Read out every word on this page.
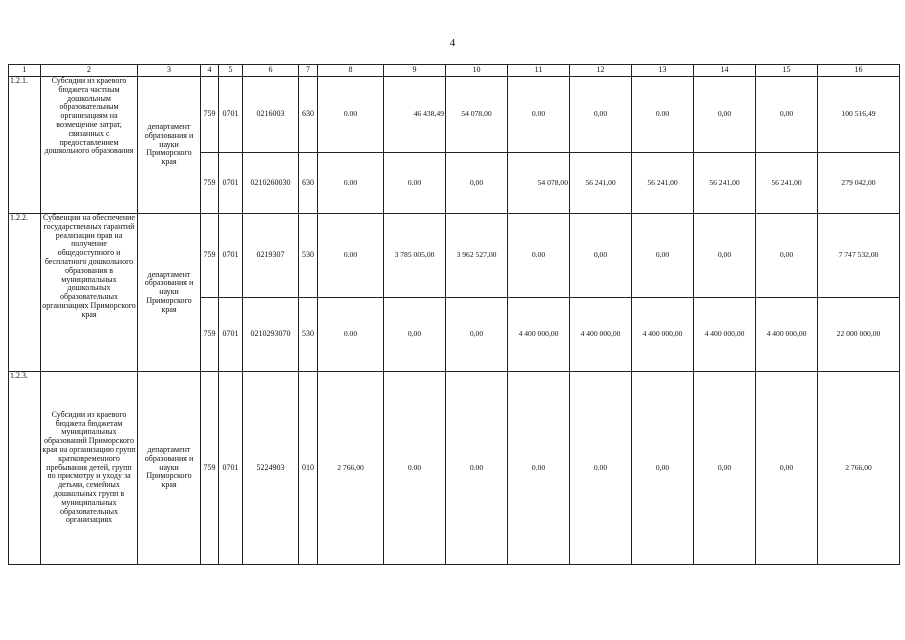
4
1	2	3	4	5	6	7	8	9	10	11	12	13	14	15	16
1.2.1.	Субсидии из краевого бюджета частным дошкольным образовательным организациям на возмещение затрат, связанных с предоставлением дошкольного образования	департамент образования и науки Приморского края	759	0701	0216003	630	0.00	46 438,49	54 078,00	0.00	0,00	0.00	0,00	0,00	100 516,49
			759	0701	0210260030	630	0.00	0.00	0,00	54 078,00	56 241,00	56 241,00	56 241,00	56 241,00	279 042,00
1.2.2.	Субвенции на обеспечение государственных гарантий реализации прав на получение общедоступного и бесплатного дошкольного образования в муниципальных дошкольных образовательных организациях Приморского края	департамент образования и науки Приморского края	759	0701	0219307	530	0.00	3 785 005,00	3 962 527,00	0.00	0,00	0,00	0,00	0,00	7 747 532,00
			759	0701	0210293070	530	0.00	0,00	0,00	4 400 000,00	4 400 000,00	4 400 000,00	4 400 000,00	4 400 000,00	22 000 000,00
1.2.3.	Субсидии из краевого бюджета бюджетам муниципальных образований Приморского края на организацию групп кратковременного пребывания детей, групп по присмотру и уходу за детьми, семейных дошкольных групп в муниципальных образовательных организациях	департамент образования и науки Приморского края	759	0701	5224903	010	2 766,00	0.00	0.00	0.00	0.00	0,00	0,00	0,00	2 766,00
